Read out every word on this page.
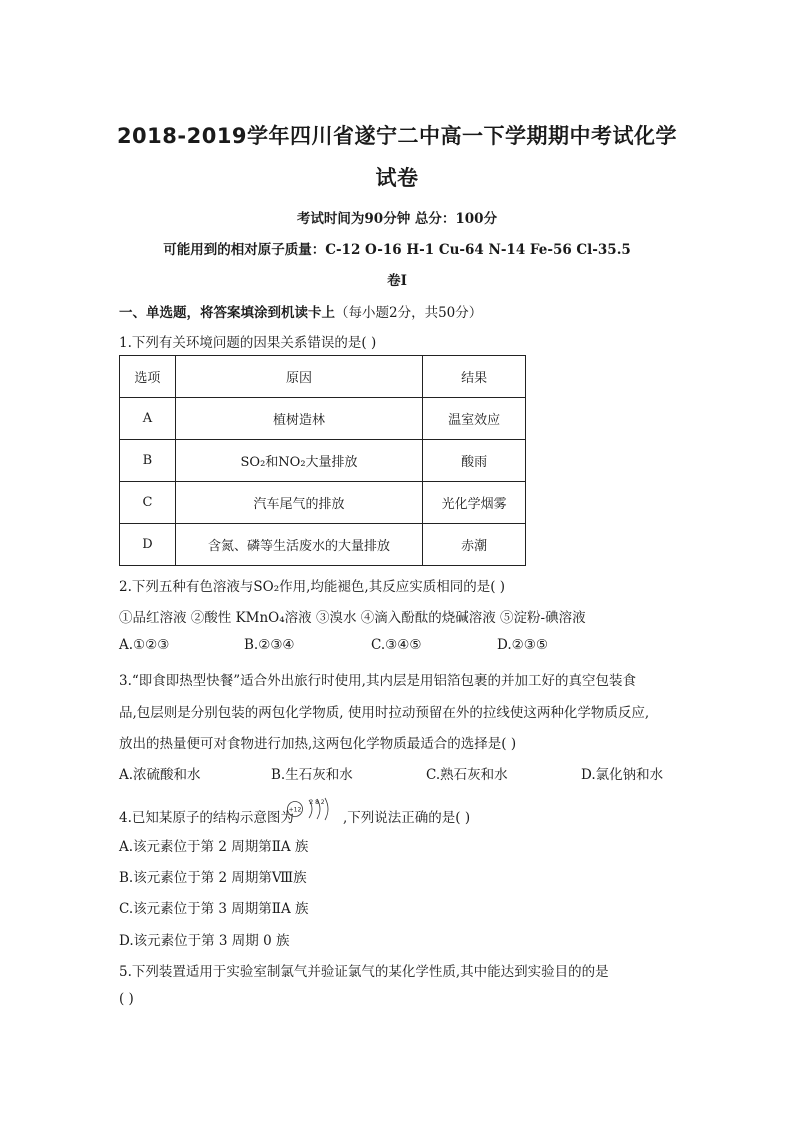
2018-2019学年四川省遂宁二中高一下学期期中考试化学
试卷
考试时间为90分钟 总分：100分
可能用到的相对原子质量：C-12 O-16 H-1 Cu-64 N-14 Fe-56 Cl-35.5
卷Ⅰ
一、单选题，将答案填涂到机读卡上（每小题2分，共50分）
1.下列有关环境问题的因果关系错误的是( )
选项	原因	结果
A	植树造林	温室效应
B	SO₂和NO₂大量排放	酸雨
C	汽车尾气的排放	光化学烟雾
D	含氮、磷等生活废水的大量排放	赤潮
2.下列五种有色溶液与SO₂作用,均能褪色,其反应实质相同的是( )
①品红溶液 ②酸性 KMnO₄溶液 ③溴水 ④滴入酚酞的烧碱溶液 ⑤淀粉-碘溶液
A.①②③	B.②③④	C.③④⑤	D.②③⑤
3.“即食即热型快餐”适合外出旅行时使用,其内层是用铝箔包裹的并加工好的真空包装食
品,包层则是分别包装的两包化学物质, 使用时拉动预留在外的拉线使这两种化学物质反应,
放出的热量便可对食物进行加热,这两包化学物质最适合的选择是( )
A.浓硫酸和水	B.生石灰和水	C.熟石灰和水	D.氯化钠和水
4.已知某原子的结构示意图为
+12
2 8 2
,下列说法正确的是( )
A.该元素位于第 2 周期第ⅡA 族
B.该元素位于第 2 周期第Ⅷ族
C.该元素位于第 3 周期第ⅡA 族
D.该元素位于第 3 周期 0 族
5.下列装置适用于实验室制氯气并验证氯气的某化学性质,其中能达到实验目的的是
( )
